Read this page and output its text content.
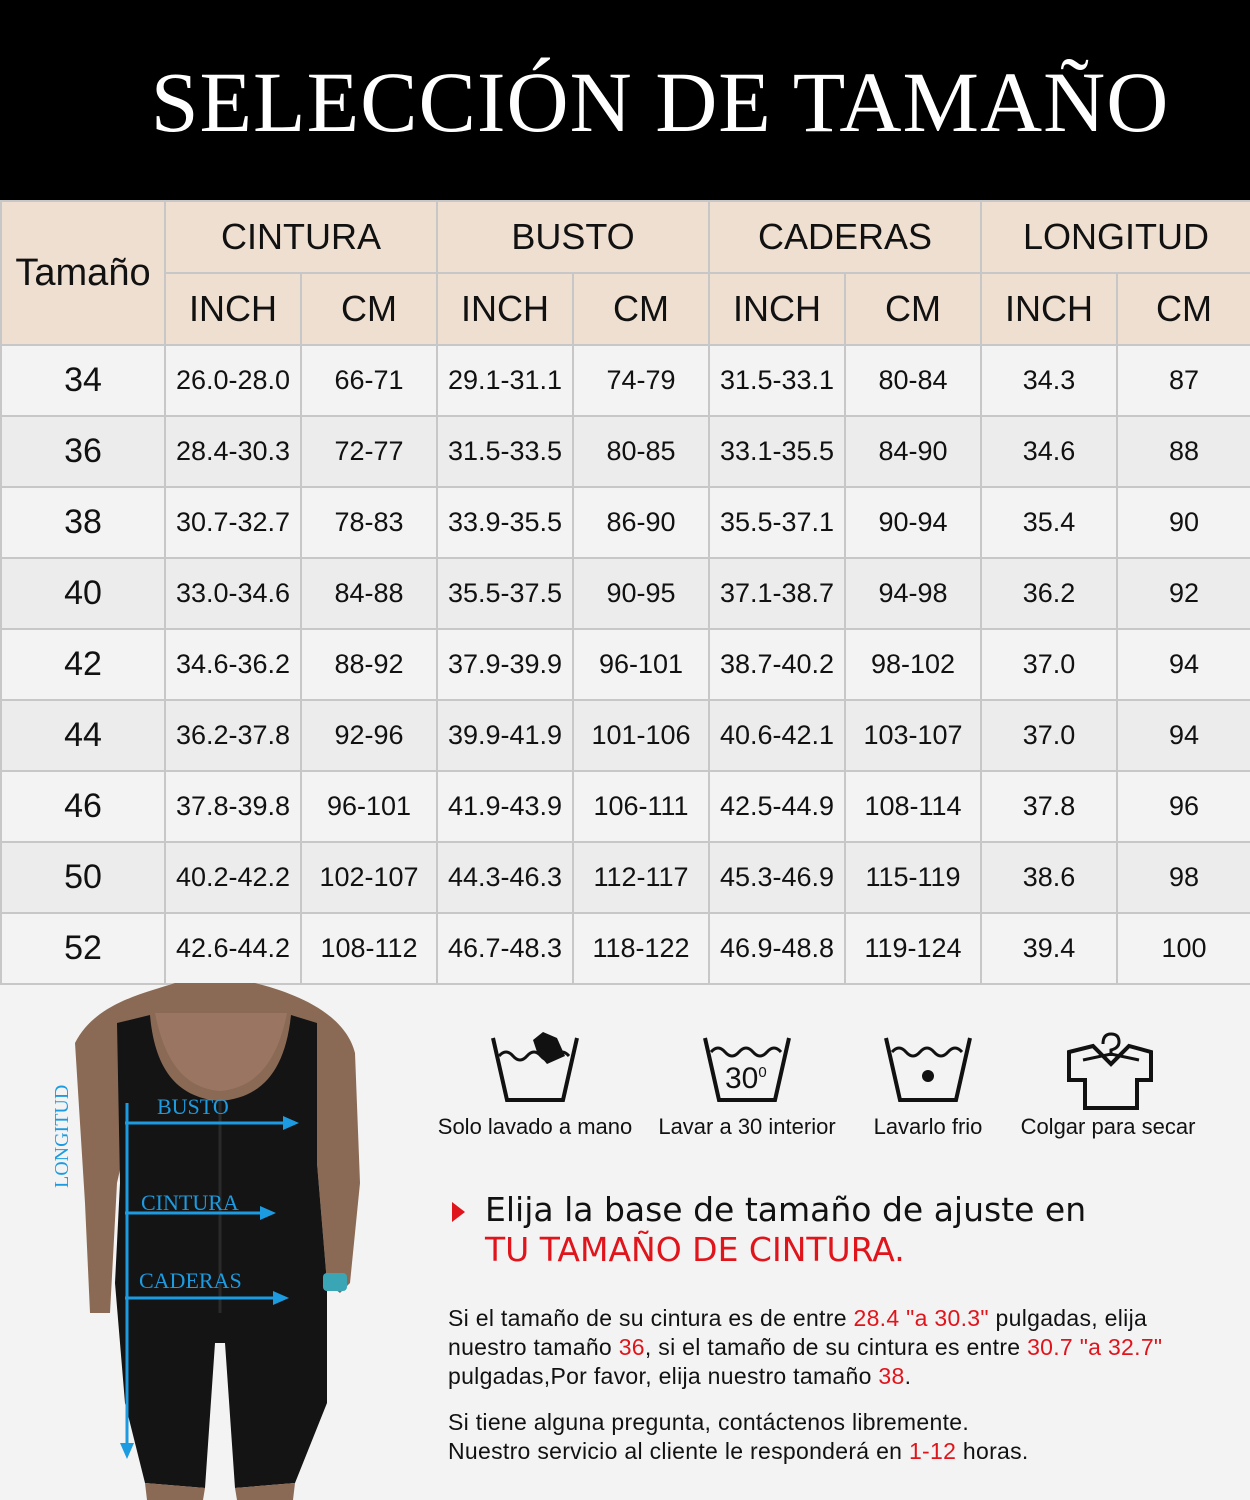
SELECCIÓN DE TAMAÑO
Tamaño	CINTURA		BUSTO		CADERAS		LONGITUD	
	INCH	CM	INCH	CM	INCH	CM	INCH	CM
34	26.0-28.0	66-71	29.1-31.1	74-79	31.5-33.1	80-84	34.3	87
36	28.4-30.3	72-77	31.5-33.5	80-85	33.1-35.5	84-90	34.6	88
38	30.7-32.7	78-83	33.9-35.5	86-90	35.5-37.1	90-94	35.4	90
40	33.0-34.6	84-88	35.5-37.5	90-95	37.1-38.7	94-98	36.2	92
42	34.6-36.2	88-92	37.9-39.9	96-101	38.7-40.2	98-102	37.0	94
44	36.2-37.8	92-96	39.9-41.9	101-106	40.6-42.1	103-107	37.0	94
46	37.8-39.8	96-101	41.9-43.9	106-111	42.5-44.9	108-114	37.8	96
50	40.2-42.2	102-107	44.3-46.3	112-117	45.3-46.9	115-119	38.6	98
52	42.6-44.2	108-112	46.7-48.3	118-122	46.9-48.8	119-124	39.4	100
BUSTO
CINTURA
CADERAS
LONGITUD	Solo lavado a mano
$30^0$
Lavar a 30 interior	Lavarlo frio	Colgar para secar
Elija la base de tamaño de ajuste en
TU TAMAÑO DE CINTURA.
Si el tamaño de su cintura es de entre 28.4 "a 30.3" pulgadas, elija nuestro tamaño 36, si el tamaño de su cintura es entre 30.7 "a 32.7" pulgadas,Por favor, elija nuestro tamaño 38.
Si tiene alguna pregunta, contáctenos libremente.
Nuestro servicio al cliente le responderá en 1-12 horas.
